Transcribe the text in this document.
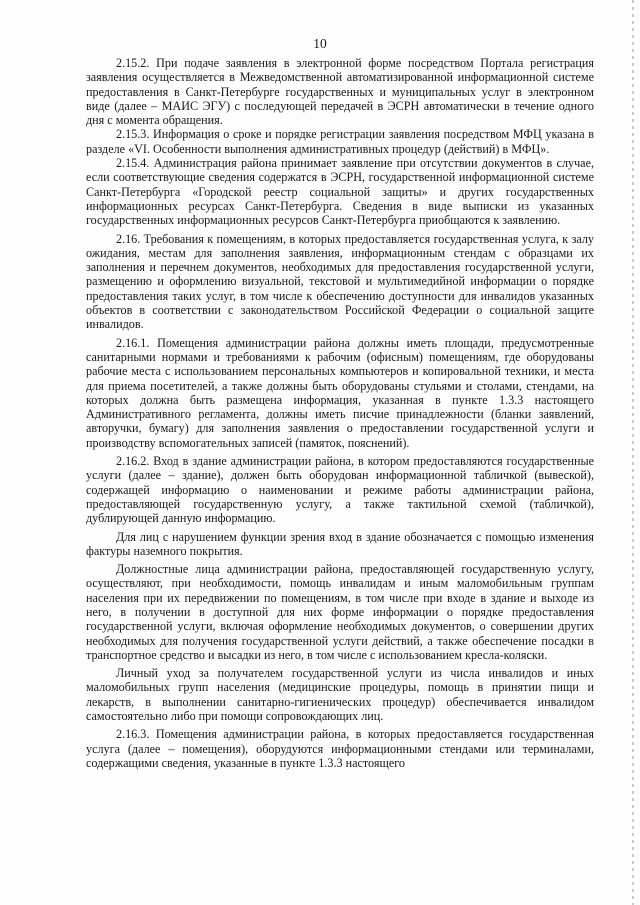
10

2.15.2. При подаче заявления в электронной форме посредством Портала регистрация заявления осуществляется в Межведомственной автоматизированной информационной системе предоставления в Санкт-Петербурге государственных и муниципальных услуг в электронном виде (далее – МАИС ЭГУ) с последующей передачей в ЭСРН автоматически в течение одного дня с момента обращения.

2.15.3. Информация о сроке и порядке регистрации заявления посредством МФЦ указана в разделе «VI. Особенности выполнения административных процедур (действий) в МФЦ».

2.15.4. Администрация района принимает заявление при отсутствии документов в случае, если соответствующие сведения содержатся в ЭСРН, государственной информационной системе Санкт-Петербурга «Городской реестр социальной защиты» и других государственных информационных ресурсах Санкт-Петербурга. Сведения в виде выписки из указанных государственных информационных ресурсов Санкт-Петербурга приобщаются к заявлению.

2.16. Требования к помещениям, в которых предоставляется государственная услуга, к залу ожидания, местам для заполнения заявления, информационным стендам с образцами их заполнения и перечнем документов, необходимых для предоставления государственной услуги, размещению и оформлению визуальной, текстовой и мультимедийной информации о порядке предоставления таких услуг, в том числе к обеспечению доступности для инвалидов указанных объектов в соответствии с законодательством Российской Федерации о социальной защите инвалидов.

2.16.1. Помещения администрации района должны иметь площади, предусмотренные санитарными нормами и требованиями к рабочим (офисным) помещениям, где оборудованы рабочие места с использованием персональных компьютеров и копировальной техники, и места для приема посетителей, а также должны быть оборудованы стульями и столами, стендами, на которых должна быть размещена информация, указанная в пункте 1.3.3 настоящего Административного регламента, должны иметь писчие принадлежности (бланки заявлений, авторучки, бумагу) для заполнения заявления о предоставлении государственной услуги и производству вспомогательных записей (памяток, пояснений).

2.16.2. Вход в здание администрации района, в котором предоставляются государственные услуги (далее – здание), должен быть оборудован информационной табличкой (вывеской), содержащей информацию о наименовании и режиме работы администрации района, предоставляющей государственную услугу, а также тактильной схемой (табличкой), дублирующей данную информацию.

Для лиц с нарушением функции зрения вход в здание обозначается с помощью изменения фактуры наземного покрытия.

Должностные лица администрации района, предоставляющей государственную услугу, осуществляют, при необходимости, помощь инвалидам и иным маломобильным группам населения при их передвижении по помещениям, в том числе при входе в здание и выходе из него, в получении в доступной для них форме информации о порядке предоставления государственной услуги, включая оформление необходимых документов, о совершении других необходимых для получения государственной услуги действий, а также обеспечение посадки в транспортное средство и высадки из него, в том числе с использованием кресла-коляски.

Личный уход за получателем государственной услуги из числа инвалидов и иных маломобильных групп населения (медицинские процедуры, помощь в принятии пищи и лекарств, в выполнении санитарно-гигиенических процедур) обеспечивается инвалидом самостоятельно либо при помощи сопровождающих лиц.

2.16.3. Помещения администрации района, в которых предоставляется государственная услуга (далее – помещения), оборудуются информационными стендами или терминалами, содержащими сведения, указанные в пункте 1.3.3 настоящего
